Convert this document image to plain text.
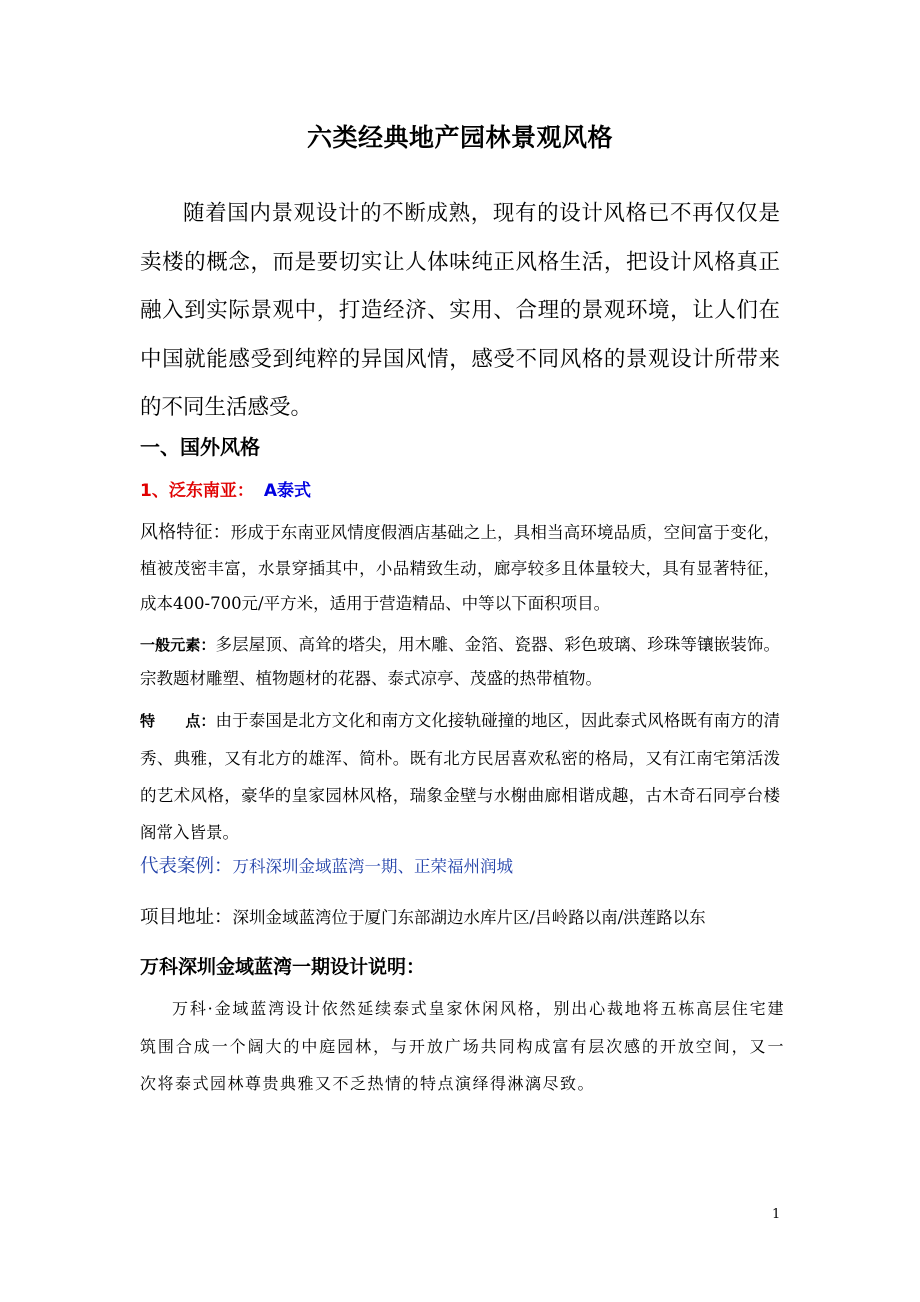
六类经典地产园林景观风格

随着国内景观设计的不断成熟，现有的设计风格已不再仅仅是卖楼的概念，而是要切实让人体味纯正风格生活，把设计风格真正融入到实际景观中，打造经济、实用、合理的景观环境，让人们在中国就能感受到纯粹的异国风情，感受不同风格的景观设计所带来的不同生活感受。

一、国外风格
1、泛东南亚： A泰式

风格特征：形成于东南亚风情度假酒店基础之上，具相当高环境品质，空间富于变化，植被茂密丰富，水景穿插其中，小品精致生动，廊亭较多且体量较大，具有显著特征，成本400-700元/平方米，适用于营造精品、中等以下面积项目。

一般元素：多层屋顶、高耸的塔尖，用木雕、金箔、瓷器、彩色玻璃、珍珠等镶嵌装饰。宗教题材雕塑、植物题材的花器、泰式凉亭、茂盛的热带植物。

特　　点：由于泰国是北方文化和南方文化接轨碰撞的地区，因此泰式风格既有南方的清秀、典雅，又有北方的雄浑、简朴。既有北方民居喜欢私密的格局，又有江南宅第活泼的艺术风格，豪华的皇家园林风格，瑞象金壁与水榭曲廊相谐成趣，古木奇石同亭台楼阁常入皆景。

代表案例：万科深圳金域蓝湾一期、正荣福州润城
项目地址：深圳金域蓝湾位于厦门东部湖边水库片区/吕岭路以南/洪莲路以东
万科深圳金域蓝湾一期设计说明：

万科·金域蓝湾设计依然延续泰式皇家休闲风格，别出心裁地将五栋高层住宅建筑围合成一个阔大的中庭园林，与开放广场共同构成富有层次感的开放空间，又一次将泰式园林尊贵典雅又不乏热情的特点演绎得淋漓尽致。

1
